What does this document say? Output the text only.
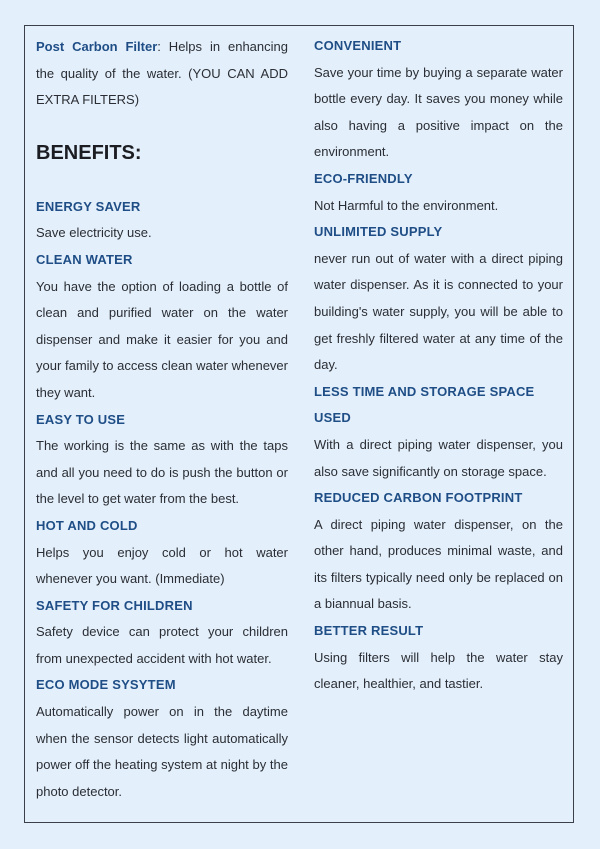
Post Carbon Filter: Helps in enhancing the quality of the water. (YOU CAN ADD EXTRA FILTERS)

BENEFITS:

ENERGY SAVER

Save electricity use.

CLEAN WATER

You have the option of loading a bottle of clean and purified water on the water dispenser and make it easier for you and your family to access clean water whenever they want.

EASY TO USE

The working is the same as with the taps and all you need to do is push the button or the level to get water from the best.

HOT AND COLD

Helps you enjoy cold or hot water whenever you want. (Immediate)

SAFETY FOR CHILDREN

Safety device can protect your children from unexpected accident with hot water.

ECO MODE SYSYTEM

Automatically power on in the daytime when the sensor detects light automatically power off the heating system at night by the photo detector.

CONVENIENT

Save your time by buying a separate water bottle every day. It saves you money while also having a positive impact on the environment.

ECO-FRIENDLY

Not Harmful to the environment.

UNLIMITED SUPPLY

never run out of water with a direct piping water dispenser. As it is connected to your building's water supply, you will be able to get freshly filtered water at any time of the day.

LESS TIME AND STORAGE SPACE USED

With a direct piping water dispenser, you also save significantly on storage space.

REDUCED CARBON FOOTPRINT

A direct piping water dispenser, on the other hand, produces minimal waste, and its filters typically need only be replaced on a biannual basis.

BETTER RESULT

Using filters will help the water stay cleaner, healthier, and tastier.
